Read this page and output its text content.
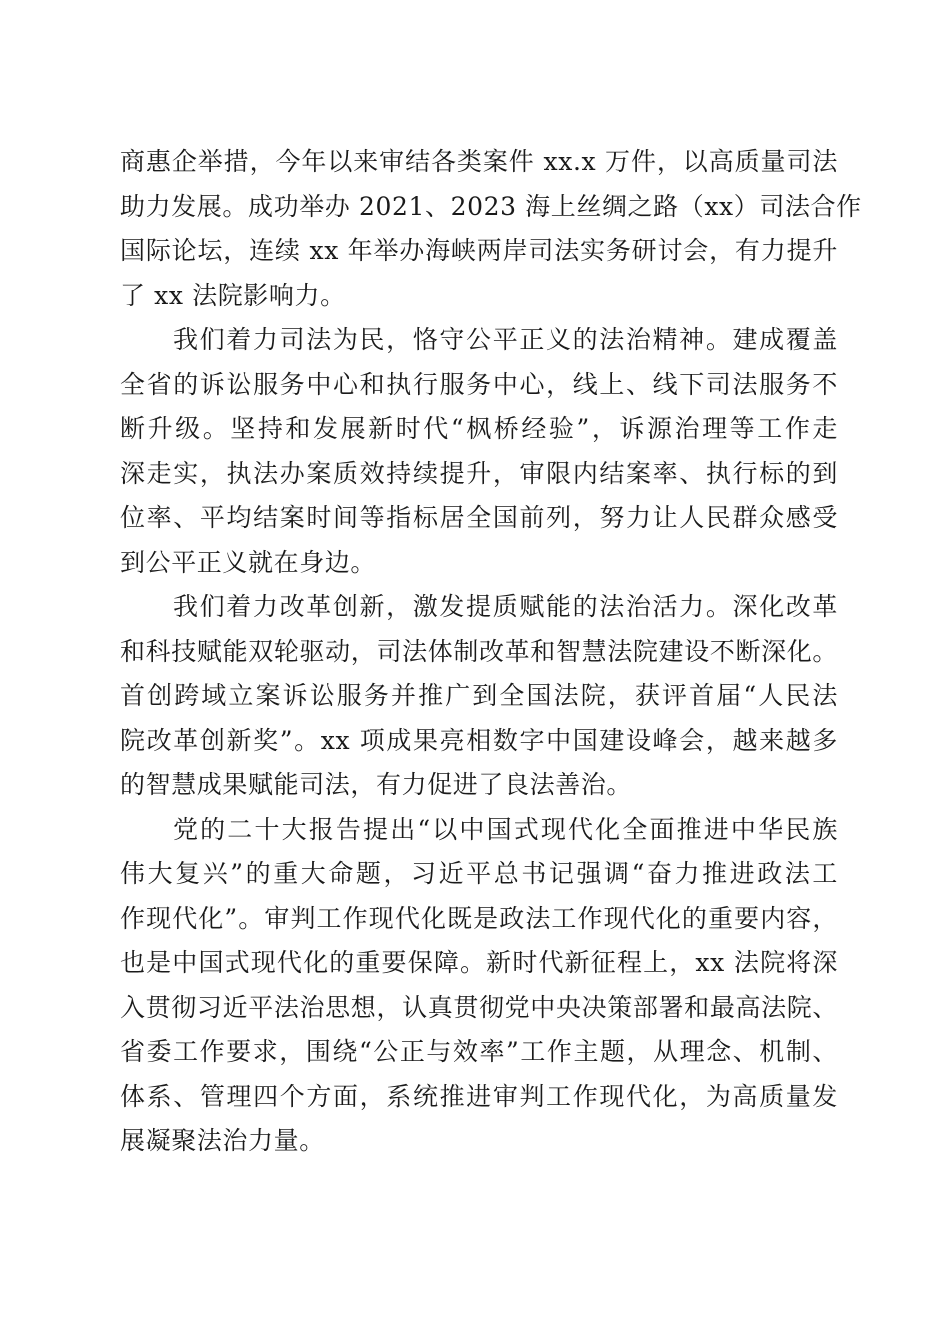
商惠企举措，今年以来审结各类案件 xx.x 万件，以高质量司法
助力发展。成功举办 2021、2023 海上丝绸之路（xx）司法合作
国际论坛，连续 xx 年举办海峡两岸司法实务研讨会，有力提升
了 xx 法院影响力。
我们着力司法为民，恪守公平正义的法治精神。建成覆盖
全省的诉讼服务中心和执行服务中心，线上、线下司法服务不
断升级。坚持和发展新时代“枫桥经验”，诉源治理等工作走
深走实，执法办案质效持续提升，审限内结案率、执行标的到
位率、平均结案时间等指标居全国前列，努力让人民群众感受
到公平正义就在身边。
我们着力改革创新，激发提质赋能的法治活力。深化改革
和科技赋能双轮驱动，司法体制改革和智慧法院建设不断深化。
首创跨域立案诉讼服务并推广到全国法院，获评首届“人民法
院改革创新奖”。xx 项成果亮相数字中国建设峰会，越来越多
的智慧成果赋能司法，有力促进了良法善治。
党的二十大报告提出“以中国式现代化全面推进中华民族
伟大复兴”的重大命题，习近平总书记强调“奋力推进政法工
作现代化”。审判工作现代化既是政法工作现代化的重要内容，
也是中国式现代化的重要保障。新时代新征程上，xx 法院将深
入贯彻习近平法治思想，认真贯彻党中央决策部署和最高法院、
省委工作要求，围绕“公正与效率”工作主题，从理念、机制、
体系、管理四个方面，系统推进审判工作现代化，为高质量发
展凝聚法治力量。
